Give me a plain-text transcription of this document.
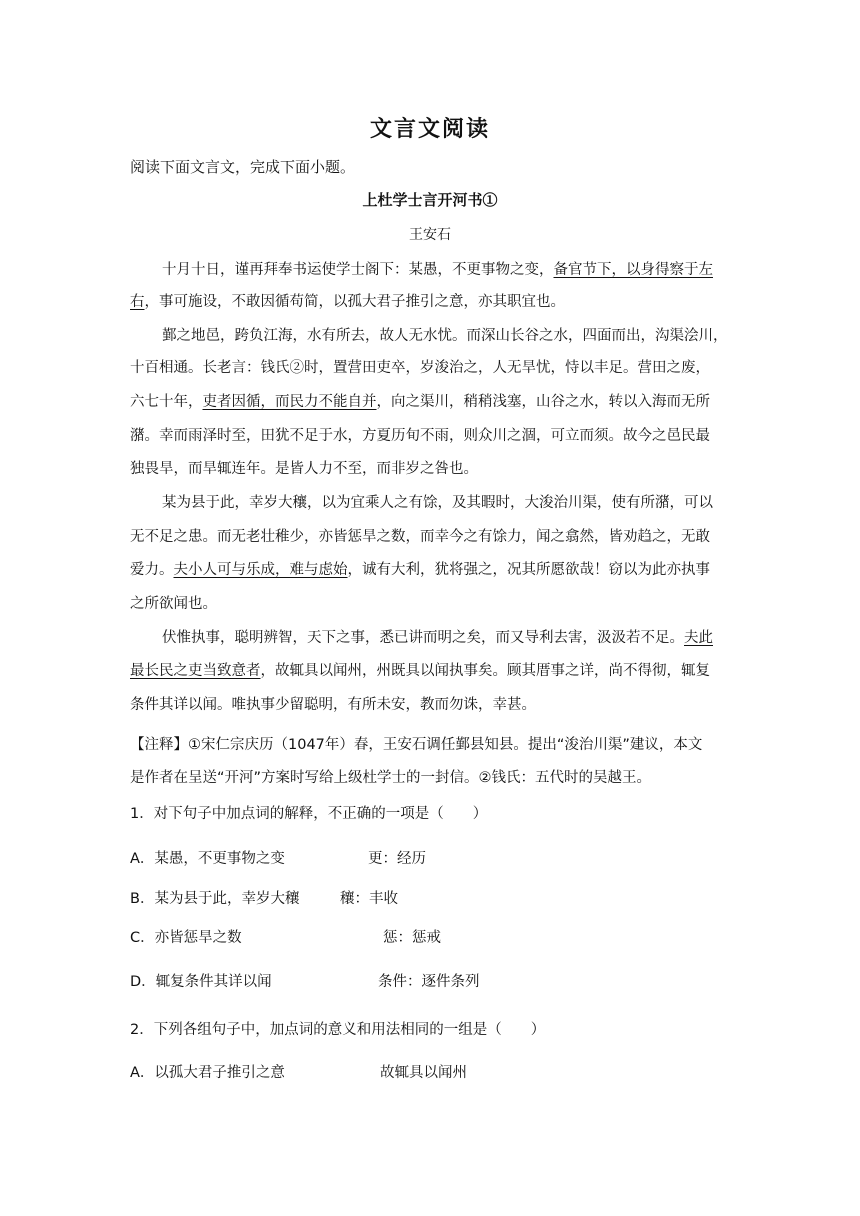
文言文阅读
阅读下面文言文，完成下面小题。
上杜学士言开河书①
王安石
十月十日，谨再拜奉书运使学士阁下：某愚，不更事物之变，备官节下，以身得察于左
右，事可施设，不敢因循苟简，以孤大君子推引之意，亦其职宜也。
鄞之地邑，跨负江海，水有所去，故人无水忧。而深山长谷之水，四面而出，沟渠浍川，
十百相通。长老言：钱氏②时，置营田吏卒，岁浚治之，人无旱忧，恃以丰足。营田之废，
六七十年，吏者因循，而民力不能自并，向之渠川，稍稍浅塞，山谷之水，转以入海而无所
潴。幸而雨泽时至，田犹不足于水，方夏历旬不雨，则众川之涸，可立而须。故今之邑民最
独畏旱，而旱辄连年。是皆人力不至，而非岁之咎也。
某为县于此，幸岁大穰，以为宜乘人之有馀，及其暇时，大浚治川渠，使有所潴，可以
无不足之患。而无老壮稚少，亦皆惩旱之数，而幸今之有馀力，闻之翕然，皆劝趋之，无敢
爱力。夫小人可与乐成，难与虑始，诚有大利，犹将强之，况其所愿欲哉！窃以为此亦执事
之所欲闻也。
伏惟执事，聪明辨智，天下之事，悉已讲而明之矣，而又导利去害，汲汲若不足。夫此
最长民之吏当致意者，故辄具以闻州，州既具以闻执事矣。顾其厝事之详，尚不得彻，辄复
条件其详以闻。唯执事少留聪明，有所未安，教而勿诛，幸甚。
【注释】①宋仁宗庆历（1047年）春，王安石调任鄞县知县。提出“浚治川渠”建议，本文
是作者在呈送“开河”方案时写给上级杜学士的一封信。②钱氏：五代时的吴越王。
1．对下句子中加点词的解释，不正确的一项是（　　）
A．某愚，不更事物之变	更：经历
B．某为县于此，幸岁大穰	穰：丰收
C．亦皆惩旱之数	惩：惩戒
D．辄复条件其详以闻	条件：逐件条列
2．下列各组句子中，加点词的意义和用法相同的一组是（　　）
A．以孤大君子推引之意	故辄具以闻州
